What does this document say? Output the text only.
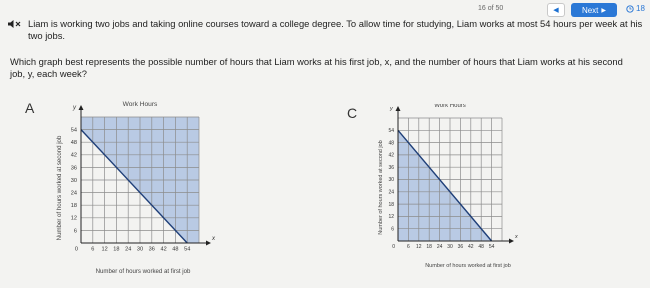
16 of 50	◀	Next ▶	18
Liam is working two jobs and taking online courses toward a college degree. To allow time for studying, Liam works at most 54 hours per week at his two jobs.
Which graph best represents the possible number of hours that Liam works at his first job, x, and the number of hours that Liam works at his second job, y, each week?
A	C
6
6
12
12
18
18
24
24
30
30
36
36
42
42
48
48
54
54
0
x
y	Work Hours
Number of hours worked at first job
Number of hours worked at second job
6
6
12
12
18
18
24
24
30
30
36
36
42
42
48
48
54
54
0
x
y	Work Hours
Number of hours worked at first job
Number of hours worked at second job
